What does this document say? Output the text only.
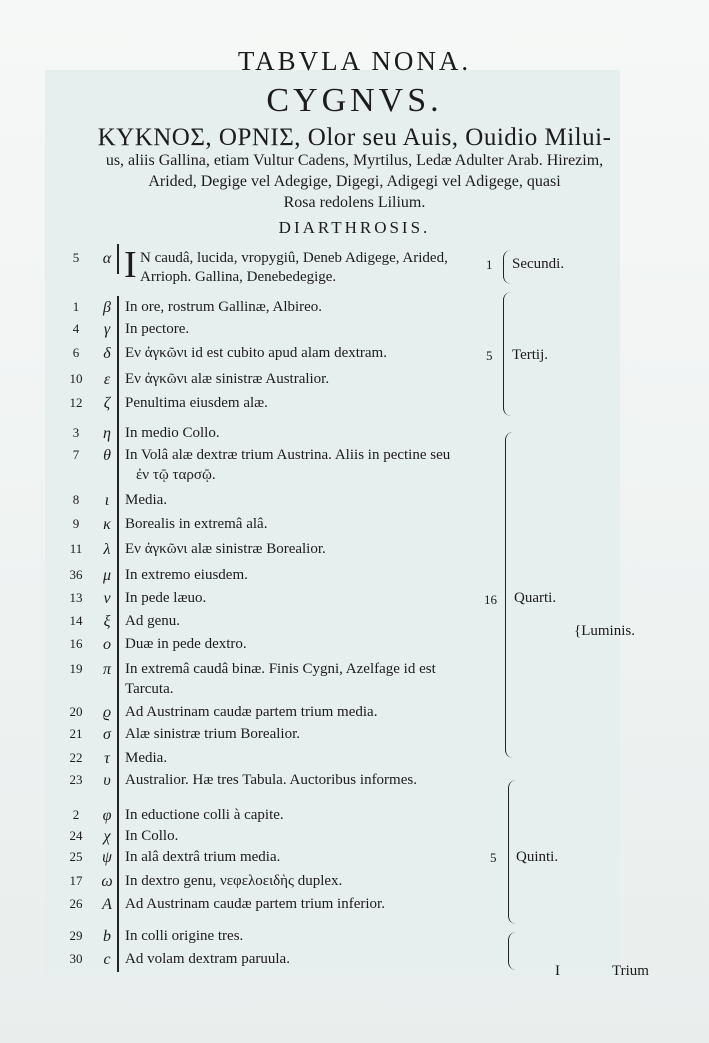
TABVLA NONA.
CYGNVS.
ΚΥΚΝΟΣ, ΟΡΝΙΣ, Olor seu Auis, Ouidio Milui-
us, aliis Gallina, etiam Vultur Cadens, Myrtilus, Ledæ Adulter Arab. Hirezim,
Arided, Degige vel Adegige, Digegi, Adigegi vel Adigege, quasi
Rosa redolens Lilium.
DIARTHROSIS.
5	α I N caudâ, lucida, vropygiû, Deneb Adigege, Arided,
Arrioph. Gallina, Denebedegige.
1	β In ore, rostrum Gallinæ, Albireo.
4	γ In pectore.
6	δ Eν ἀγκῶνι id est cubito apud alam dextram.
10	ε Eν ἀγκῶνι alæ sinistræ Australior.
12	ζ Penultima eiusdem alæ.
3	η In medio Collo.
7	θ In Volâ alæ dextræ trium Austrina. Aliis in pectine seu
ἐν τῷ ταρσῷ.
8	ι	Media.
9	κ Borealis in extremâ alâ.
11	λ Eν ἀγκῶνι alæ sinistræ Borealior.
36	μ In extremo eiusdem.
13	ν In pede læuo.
14	ξ Ad genu.
16	ο Duæ in pede dextro.
19	π In extremâ caudâ binæ. Finis Cygni, Azelfage id est
Tarcuta.
20	ϱ Ad Austrinam caudæ partem trium media.
21	σ Alæ sinistræ trium Borealior.
22	τ	Media.
23	υ Australior. Hæ tres Tabula. Auctoribus informes.
2	φ In eductione colli à capite.
24	χ In Collo.
25	ψ In alâ dextrâ trium media.
17	ω In dextro genu, νεφελοειδὴς duplex.
26	A Ad Austrinam caudæ partem trium inferior.
29	b In colli origine tres.
30	c Ad volam dextram paruula.
1 Secundi.
5 Tertij.
16 Quarti.
5 Quinti.
{Luminis.
I	Trium
